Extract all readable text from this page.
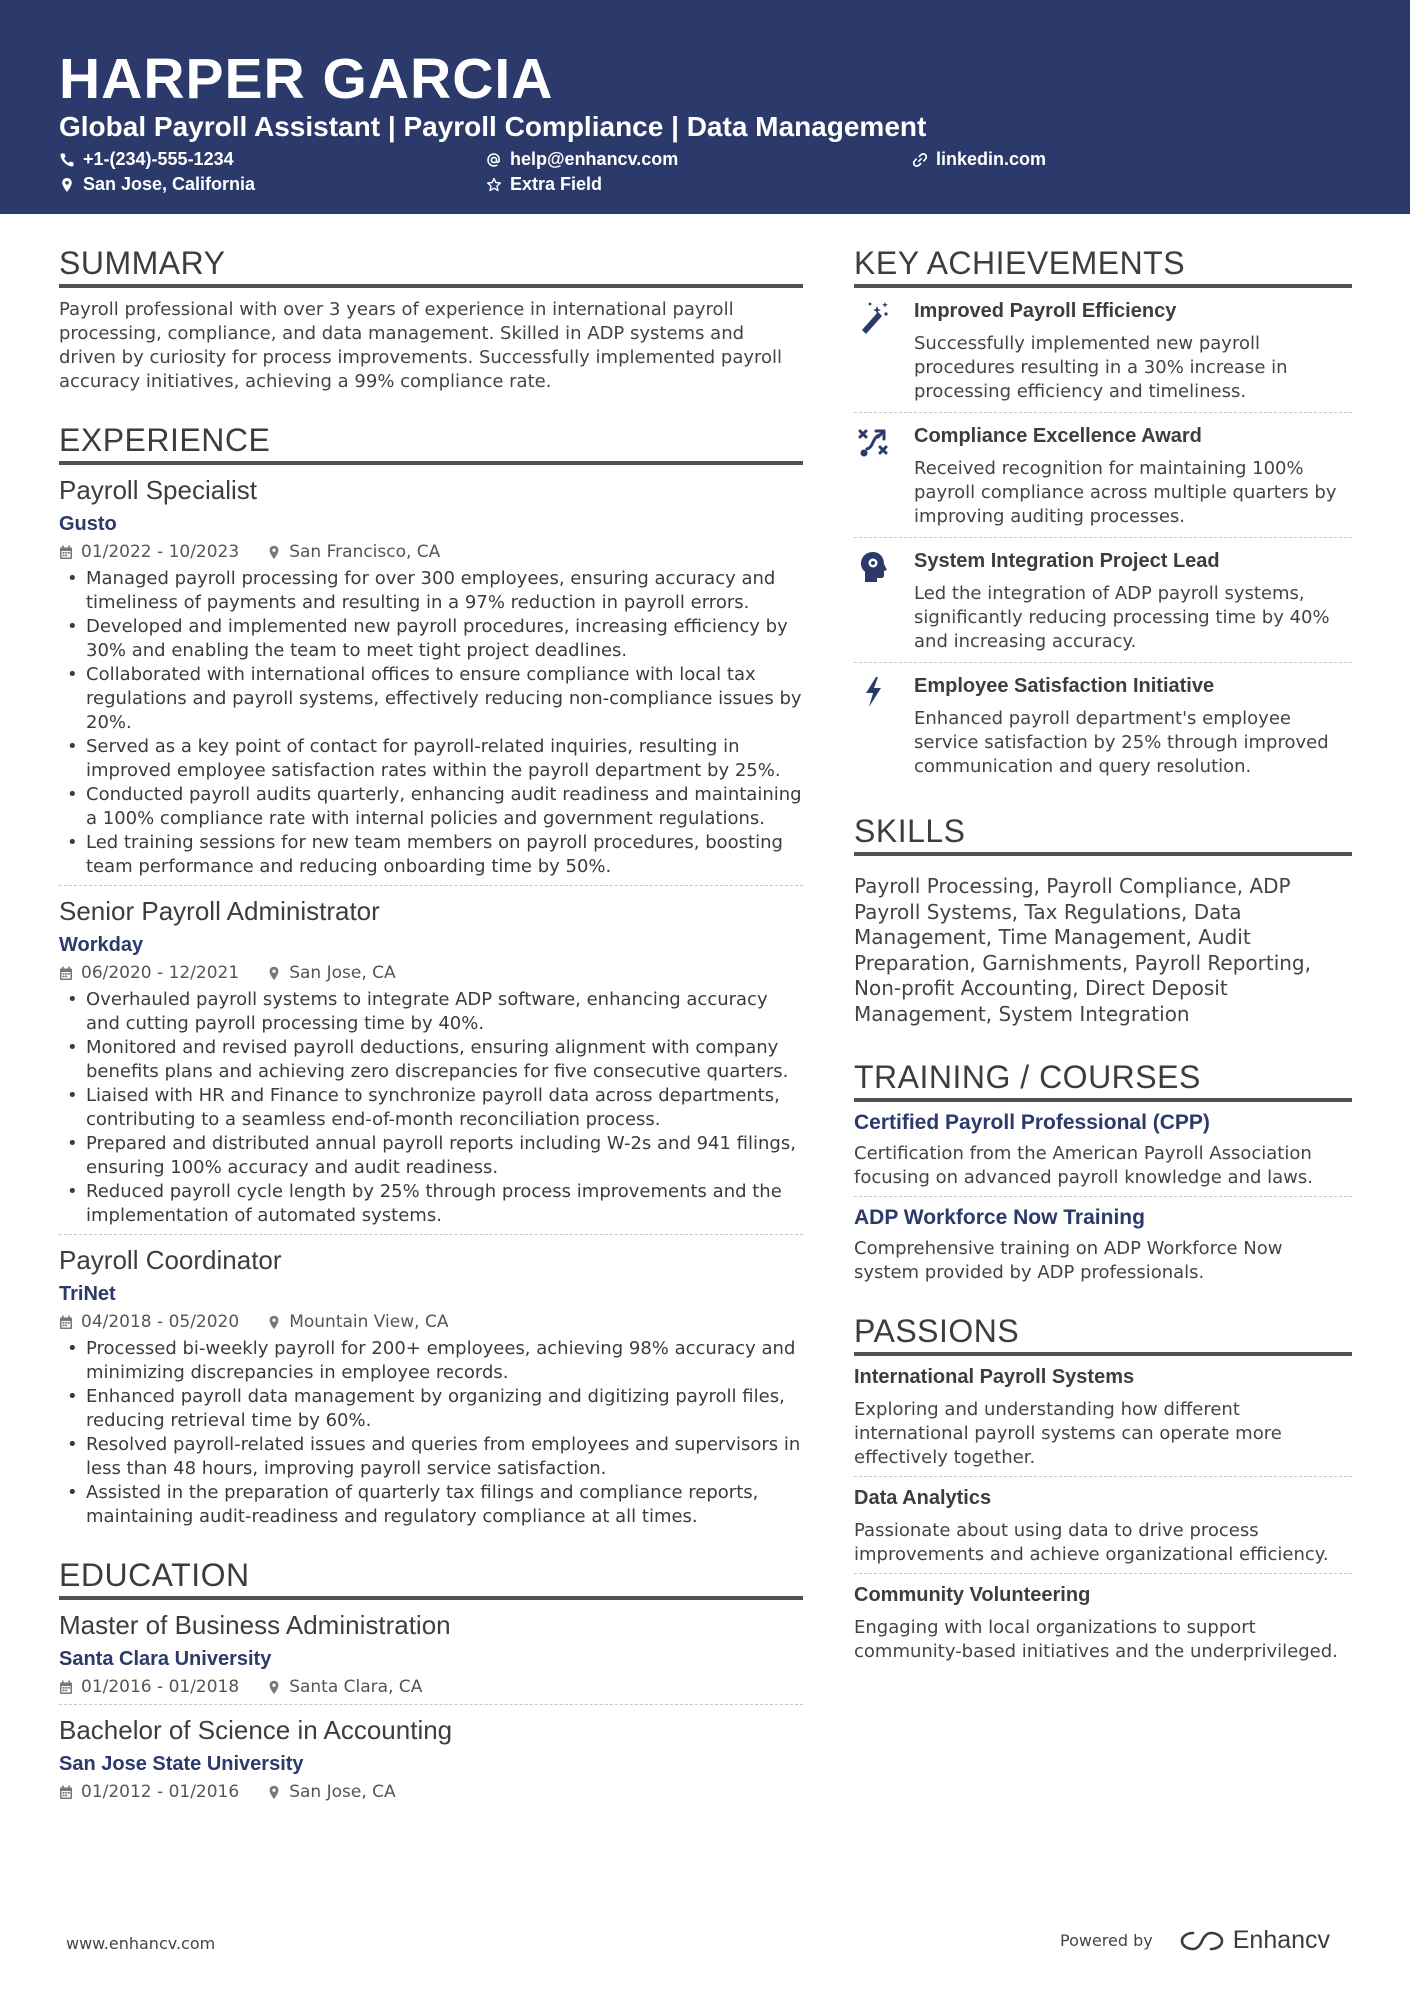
HARPER GARCIA
Global Payroll Assistant | Payroll Compliance | Data Management
+1-(234)-555-1234	help@enhancv.com	linkedin.com
San Jose, California	Extra Field
SUMMARY
Payroll professional with over 3 years of experience in international payroll processing, compliance, and data management. Skilled in ADP systems and driven by curiosity for process improvements. Successfully implemented payroll accuracy initiatives, achieving a 99% compliance rate.
EXPERIENCE
Payroll Specialist
Gusto
01/2022 - 10/2023	San Francisco, CA
• Managed payroll processing for over 300 employees, ensuring accuracy and timeliness of payments and resulting in a 97% reduction in payroll errors.
• Developed and implemented new payroll procedures, increasing efficiency by 30% and enabling the team to meet tight project deadlines.
• Collaborated with international offices to ensure compliance with local tax regulations and payroll systems, effectively reducing non-compliance issues by 20%.
• Served as a key point of contact for payroll-related inquiries, resulting in improved employee satisfaction rates within the payroll department by 25%.
• Conducted payroll audits quarterly, enhancing audit readiness and maintaining a 100% compliance rate with internal policies and government regulations.
• Led training sessions for new team members on payroll procedures, boosting team performance and reducing onboarding time by 50%.
Senior Payroll Administrator
Workday
06/2020 - 12/2021	San Jose, CA
• Overhauled payroll systems to integrate ADP software, enhancing accuracy and cutting payroll processing time by 40%.
• Monitored and revised payroll deductions, ensuring alignment with company benefits plans and achieving zero discrepancies for five consecutive quarters.
• Liaised with HR and Finance to synchronize payroll data across departments, contributing to a seamless end-of-month reconciliation process.
• Prepared and distributed annual payroll reports including W-2s and 941 filings, ensuring 100% accuracy and audit readiness.
• Reduced payroll cycle length by 25% through process improvements and the implementation of automated systems.
Payroll Coordinator
TriNet
04/2018 - 05/2020	Mountain View, CA
• Processed bi-weekly payroll for 200+ employees, achieving 98% accuracy and minimizing discrepancies in employee records.
• Enhanced payroll data management by organizing and digitizing payroll files, reducing retrieval time by 60%.
• Resolved payroll-related issues and queries from employees and supervisors in less than 48 hours, improving payroll service satisfaction.
• Assisted in the preparation of quarterly tax filings and compliance reports, maintaining audit-readiness and regulatory compliance at all times.
EDUCATION
Master of Business Administration
Santa Clara University
01/2016 - 01/2018	Santa Clara, CA
Bachelor of Science in Accounting
San Jose State University
01/2012 - 01/2016	San Jose, CA
KEY ACHIEVEMENTS
Improved Payroll Efficiency
Successfully implemented new payroll procedures resulting in a 30% increase in processing efficiency and timeliness.
Compliance Excellence Award
Received recognition for maintaining 100% payroll compliance across multiple quarters by improving auditing processes.
System Integration Project Lead
Led the integration of ADP payroll systems, significantly reducing processing time by 40% and increasing accuracy.
Employee Satisfaction Initiative
Enhanced payroll department's employee service satisfaction by 25% through improved communication and query resolution.
SKILLS
Payroll Processing, Payroll Compliance, ADP Payroll Systems, Tax Regulations, Data Management, Time Management, Audit Preparation, Garnishments, Payroll Reporting, Non-profit Accounting, Direct Deposit Management, System Integration
TRAINING / COURSES
Certified Payroll Professional (CPP)
Certification from the American Payroll Association focusing on advanced payroll knowledge and laws.
ADP Workforce Now Training
Comprehensive training on ADP Workforce Now system provided by ADP professionals.
PASSIONS
International Payroll Systems
Exploring and understanding how different international payroll systems can operate more effectively together.
Data Analytics
Passionate about using data to drive process improvements and achieve organizational efficiency.
Community Volunteering
Engaging with local organizations to support community-based initiatives and the underprivileged.
www.enhancv.com	Powered by	Enhancv
